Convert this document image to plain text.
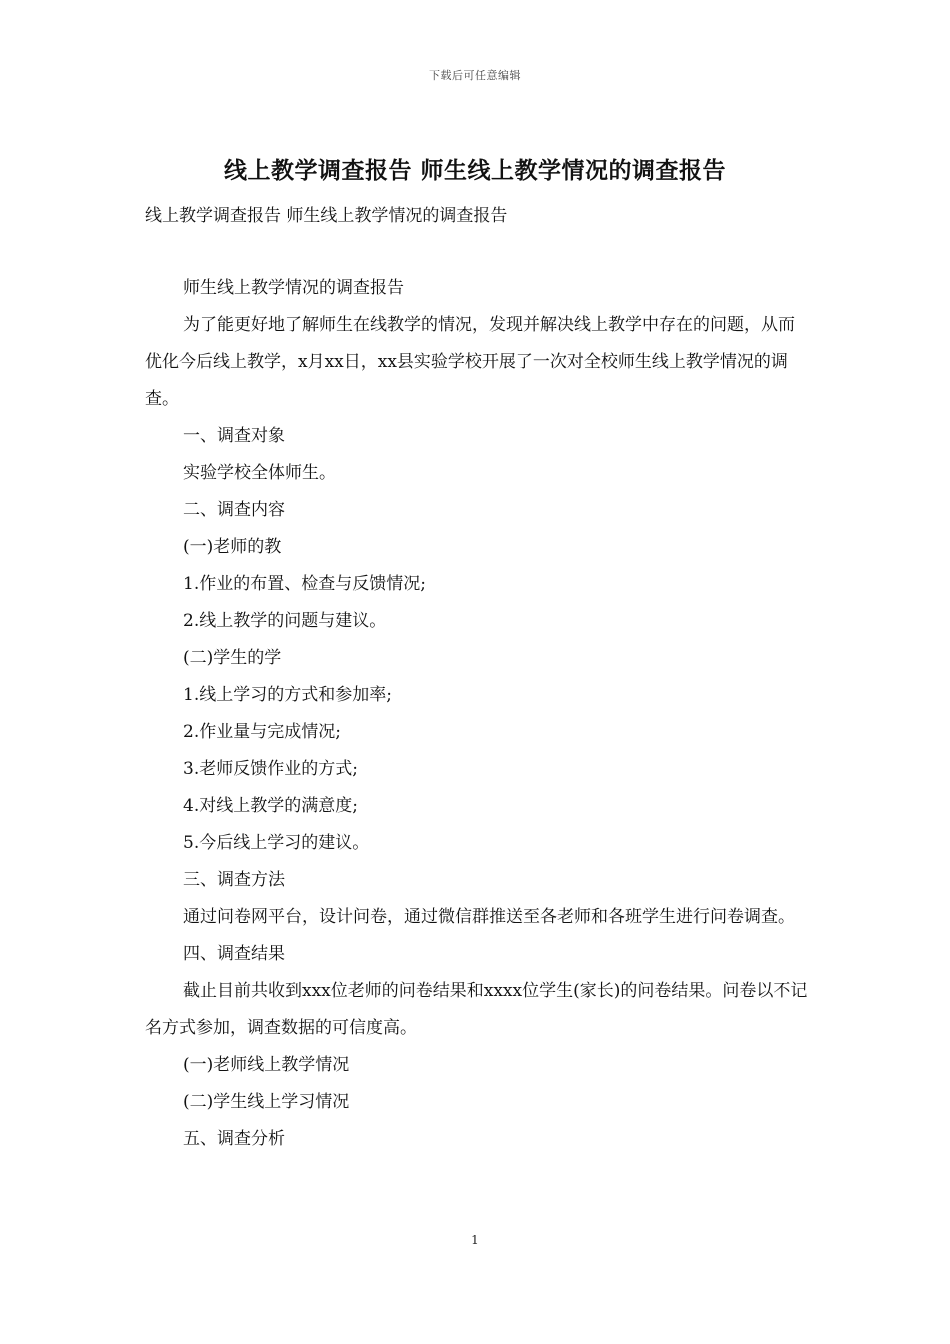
下载后可任意编辑
线上教学调查报告 师生线上教学情况的调查报告
线上教学调查报告 师生线上教学情况的调查报告

师生线上教学情况的调查报告

为了能更好地了解师生在线教学的情况，发现并解决线上教学中存在的问题，从而优化今后线上教学，x月xx日，xx县实验学校开展了一次对全校师生线上教学情况的调查。

一、调查对象

实验学校全体师生。

二、调查内容

(一)老师的教

1.作业的布置、检查与反馈情况;

2.线上教学的问题与建议。

(二)学生的学

1.线上学习的方式和参加率;

2.作业量与完成情况;

3.老师反馈作业的方式;

4.对线上教学的满意度;

5.今后线上学习的建议。

三、调查方法

通过问卷网平台，设计问卷，通过微信群推送至各老师和各班学生进行问卷调查。

四、调查结果

截止目前共收到xxx位老师的问卷结果和xxxx位学生(家长)的问卷结果。问卷以不记名方式参加，调查数据的可信度高。

(一)老师线上教学情况

(二)学生线上学习情况

五、调查分析

1
